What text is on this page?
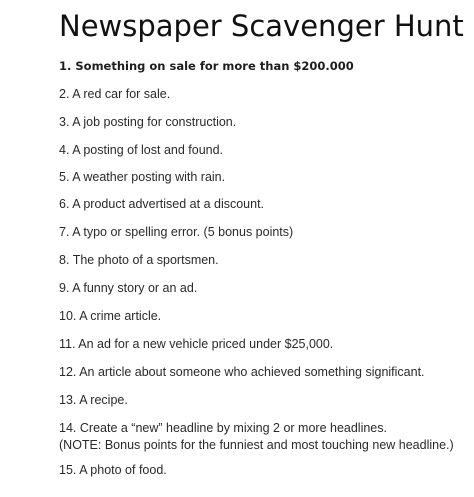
Newspaper Scavenger Hunt
1. Something on sale for more than $200.000
2. A red car for sale.
3. A job posting for construction.
4. A posting of lost and found.
5. A weather posting with rain.
6. A product advertised at a discount.
7. A typo or spelling error. (5 bonus points)
8. The photo of a sportsmen.
9. A funny story or an ad.
10. A crime article.
11. An ad for a new vehicle priced under $25,000.
12. An article about someone who achieved something significant.
13. A recipe.
14. Create a “new” headline by mixing 2 or more headlines.
(NOTE: Bonus points for the funniest and most touching new headline.)
15. A photo of food.
